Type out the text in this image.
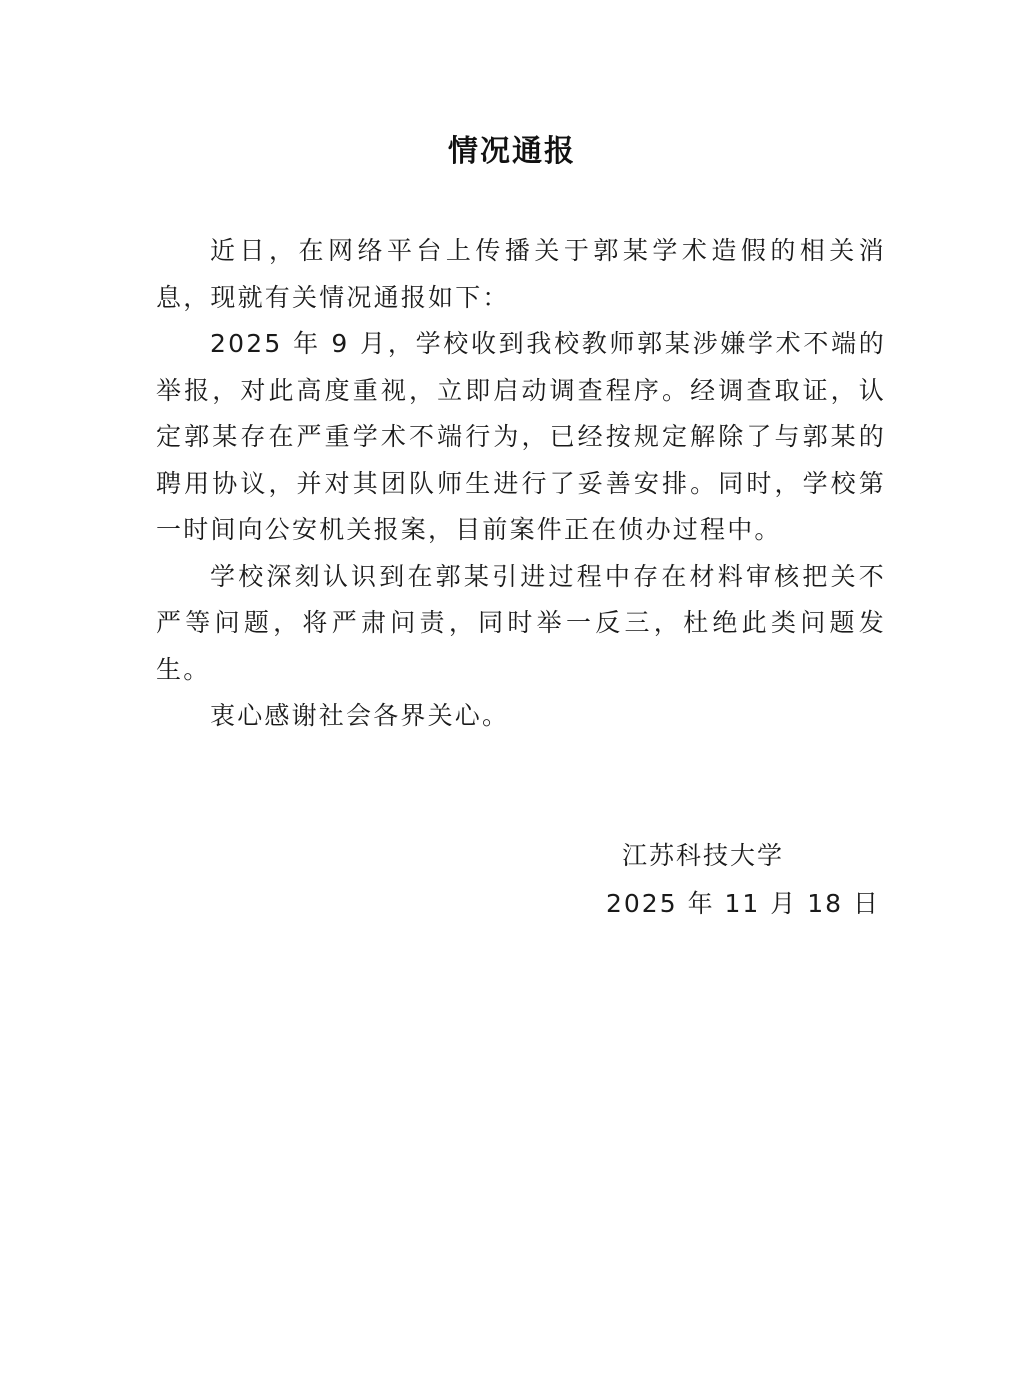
情况通报

近日，在网络平台上传播关于郭某学术造假的相关消息，现就有关情况通报如下：

2025 年 9 月，学校收到我校教师郭某涉嫌学术不端的举报，对此高度重视，立即启动调查程序。经调查取证，认定郭某存在严重学术不端行为，已经按规定解除了与郭某的聘用协议，并对其团队师生进行了妥善安排。同时，学校第一时间向公安机关报案，目前案件正在侦办过程中。

学校深刻认识到在郭某引进过程中存在材料审核把关不严等问题，将严肃问责，同时举一反三，杜绝此类问题发生。

衷心感谢社会各界关心。

江苏科技大学
2025 年 11 月 18 日
